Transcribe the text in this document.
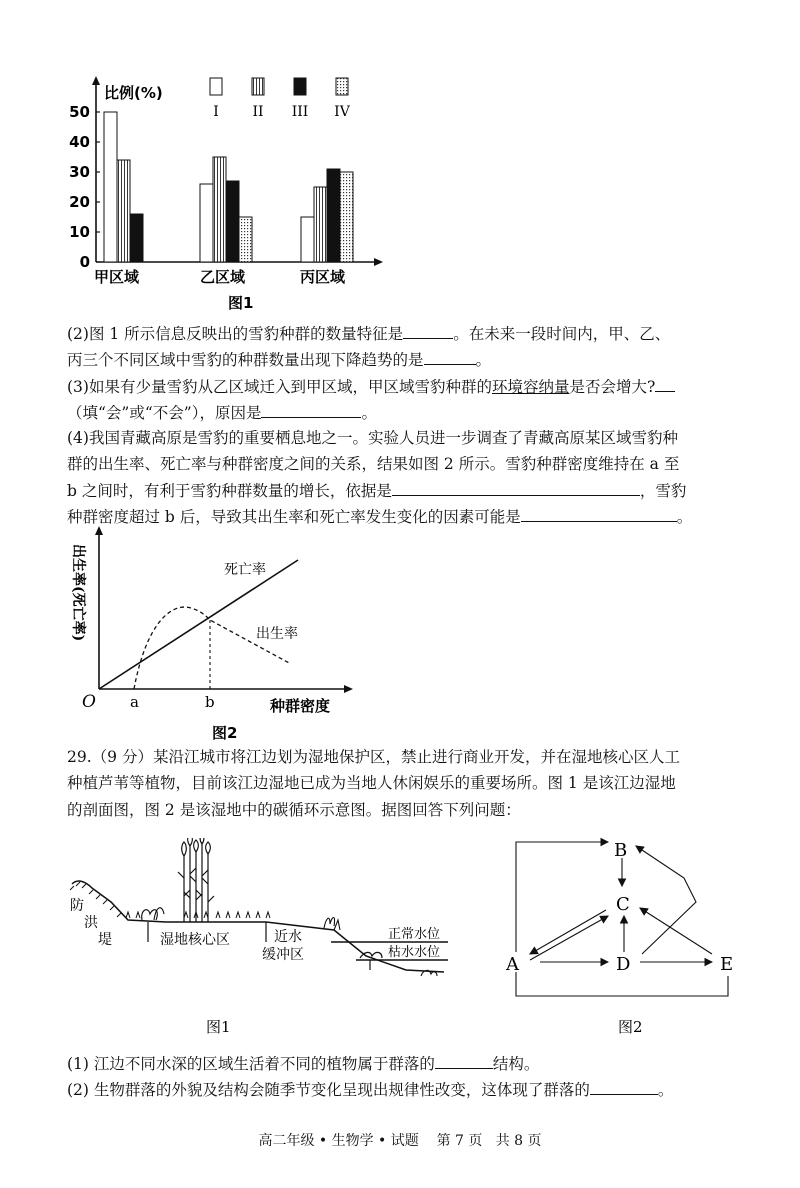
0
10
20
30
40
50
甲区域	乙区域	丙区域
I II III IV
比例(%)
图1
(2)图 1 所示信息反映出的雪豹种群的数量特征是	。在未来一段时间内，甲、乙、
丙三个不同区域中雪豹的种群数量出现下降趋势的是	。
(3)如果有少量雪豹从乙区域迁入到甲区域，甲区域雪豹种群的环境容纳量是否会增大?
（填“会”或“不会”），原因是	。
(4)我国青藏高原是雪豹的重要栖息地之一。实验人员进一步调查了青藏高原某区域雪豹种
群的出生率、死亡率与种群密度之间的关系，结果如图 2 所示。雪豹种群密度维持在 a 至
b 之间时，有利于雪豹种群数量的增长，依据是	，雪豹
种群密度超过 b 后，导致其出生率和死亡率发生变化的因素可能是	。
出生率(死亡率)
O a	b	种群密度
死亡率
出生率
图2
29.（9 分）某沿江城市将江边划为湿地保护区，禁止进行商业开发，并在湿地核心区人工
种植芦苇等植物，目前该江边湿地已成为当地人休闲娱乐的重要场所。图 1 是该江边湿地
的剖面图，图 2 是该湿地中的碳循环示意图。据图回答下列问题：
防
洪
堤	湿地核心区	近水
缓冲区
正常水位
枯水水位
图1
B
C
A	D	E
图2
(1) 江边不同水深的区域生活着不同的植物属于群落的	结构。
(2) 生物群落的外貌及结构会随季节变化呈现出规律性改变，这体现了群落的	。
高二年级 • 生物学 • 试题    第 7 页   共 8 页
